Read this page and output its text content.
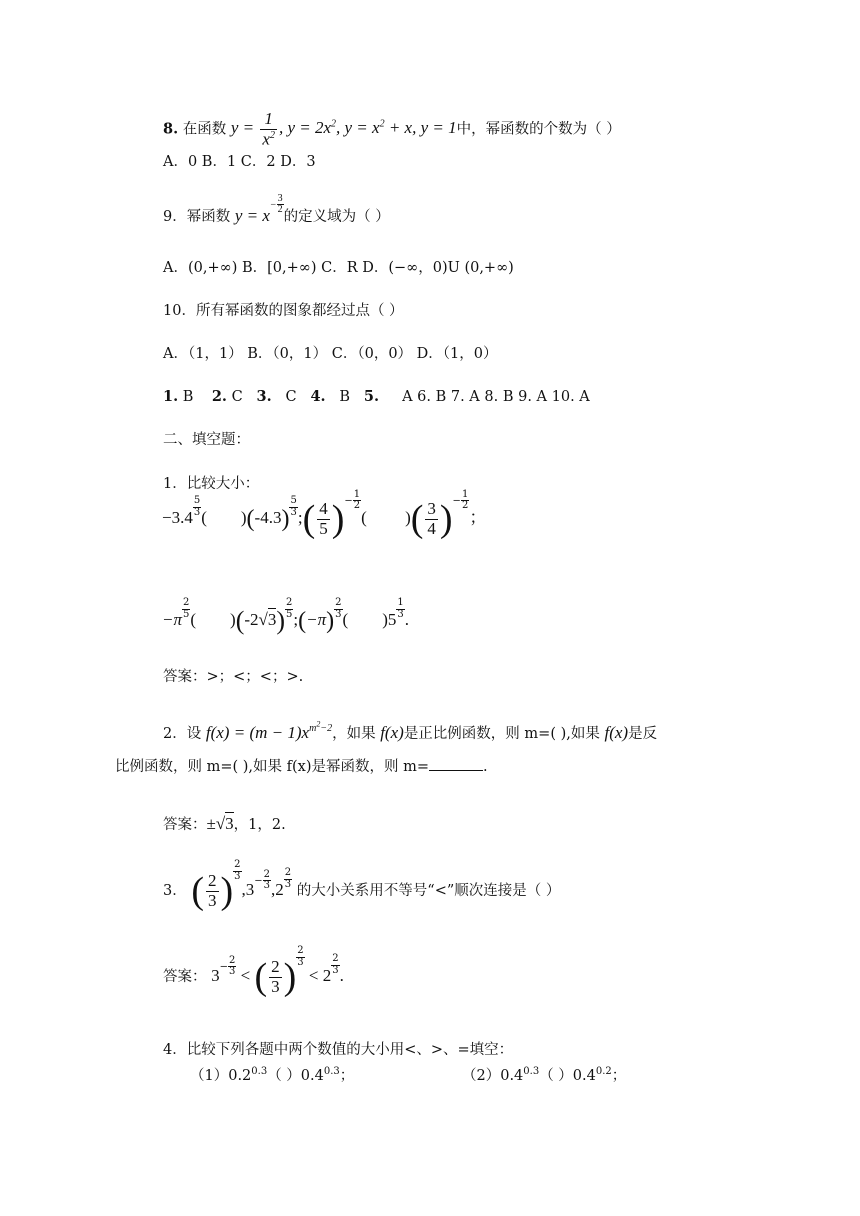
8. 在函数 $y = \frac{1}{x^2}$ , $y = 2x^2$, $y = x^2 + x$, y = 1中，幂函数的个数为（ ）
A．0 B．1 C．2 D．3
9．幂函数 $y = x- \frac{3}{2}$
的定义域为（ ）
A．(0,+∞) B．[0,+∞) C．R D．(−∞，0)U (0,+∞)
10．所有幂函数的图象都经过点（ ）
A．（1，1） B．（0，1） C．（0，0） D．（1，0）
1. B 2. C 3. C 4. B 5. A 6. B 7. A 8. B 9. A 10. A
二、填空题：
1．比较大小：
$-3.4 \frac{5}{3}$ (        )$(-4.3) \frac{5}{3}$ ;( $\frac{4}{5}$ )− $\frac{1}{2}$
(         )( $\frac{3}{4}$ )− $\frac{1}{2}$
；
$-\pi \frac{2}{5}$ (        )$(-2√3) \frac{2}{5}$ ;(−π) $\frac{2}{3}$ (        )$5 \frac{1}{3}$ .
答案：>；<；<；>.
2．设 $f(x) = (m - 1)x^{m^2-2}$，如果 f(x)是正比例函数，则 m=( ),如果 f(x)是反
比例函数，则 m=( ),如果 f(x)是幂函数，则 m=	.
答案：±√3，1，2.
3． ( $\frac{2}{3}$ ) $\frac{2}{3}$
$,3- \frac{2}{3} ,2 \frac{2}{3}$
的大小关系用不等号“<”顺次连接是（ ）
答案： $3- \frac{2}{3}$ < ( $\frac{2}{3}$ ) $\frac{2}{3}$
< $2 \frac{2}{3}$ .
4．比较下列各题中两个数值的大小用<、>、=填空：
$(1)0.2^{0.3}$（ ）$0.4^{0.3}$；	$(2)0.4^{0.3}$（ ）$0.4^{0.2}$；
